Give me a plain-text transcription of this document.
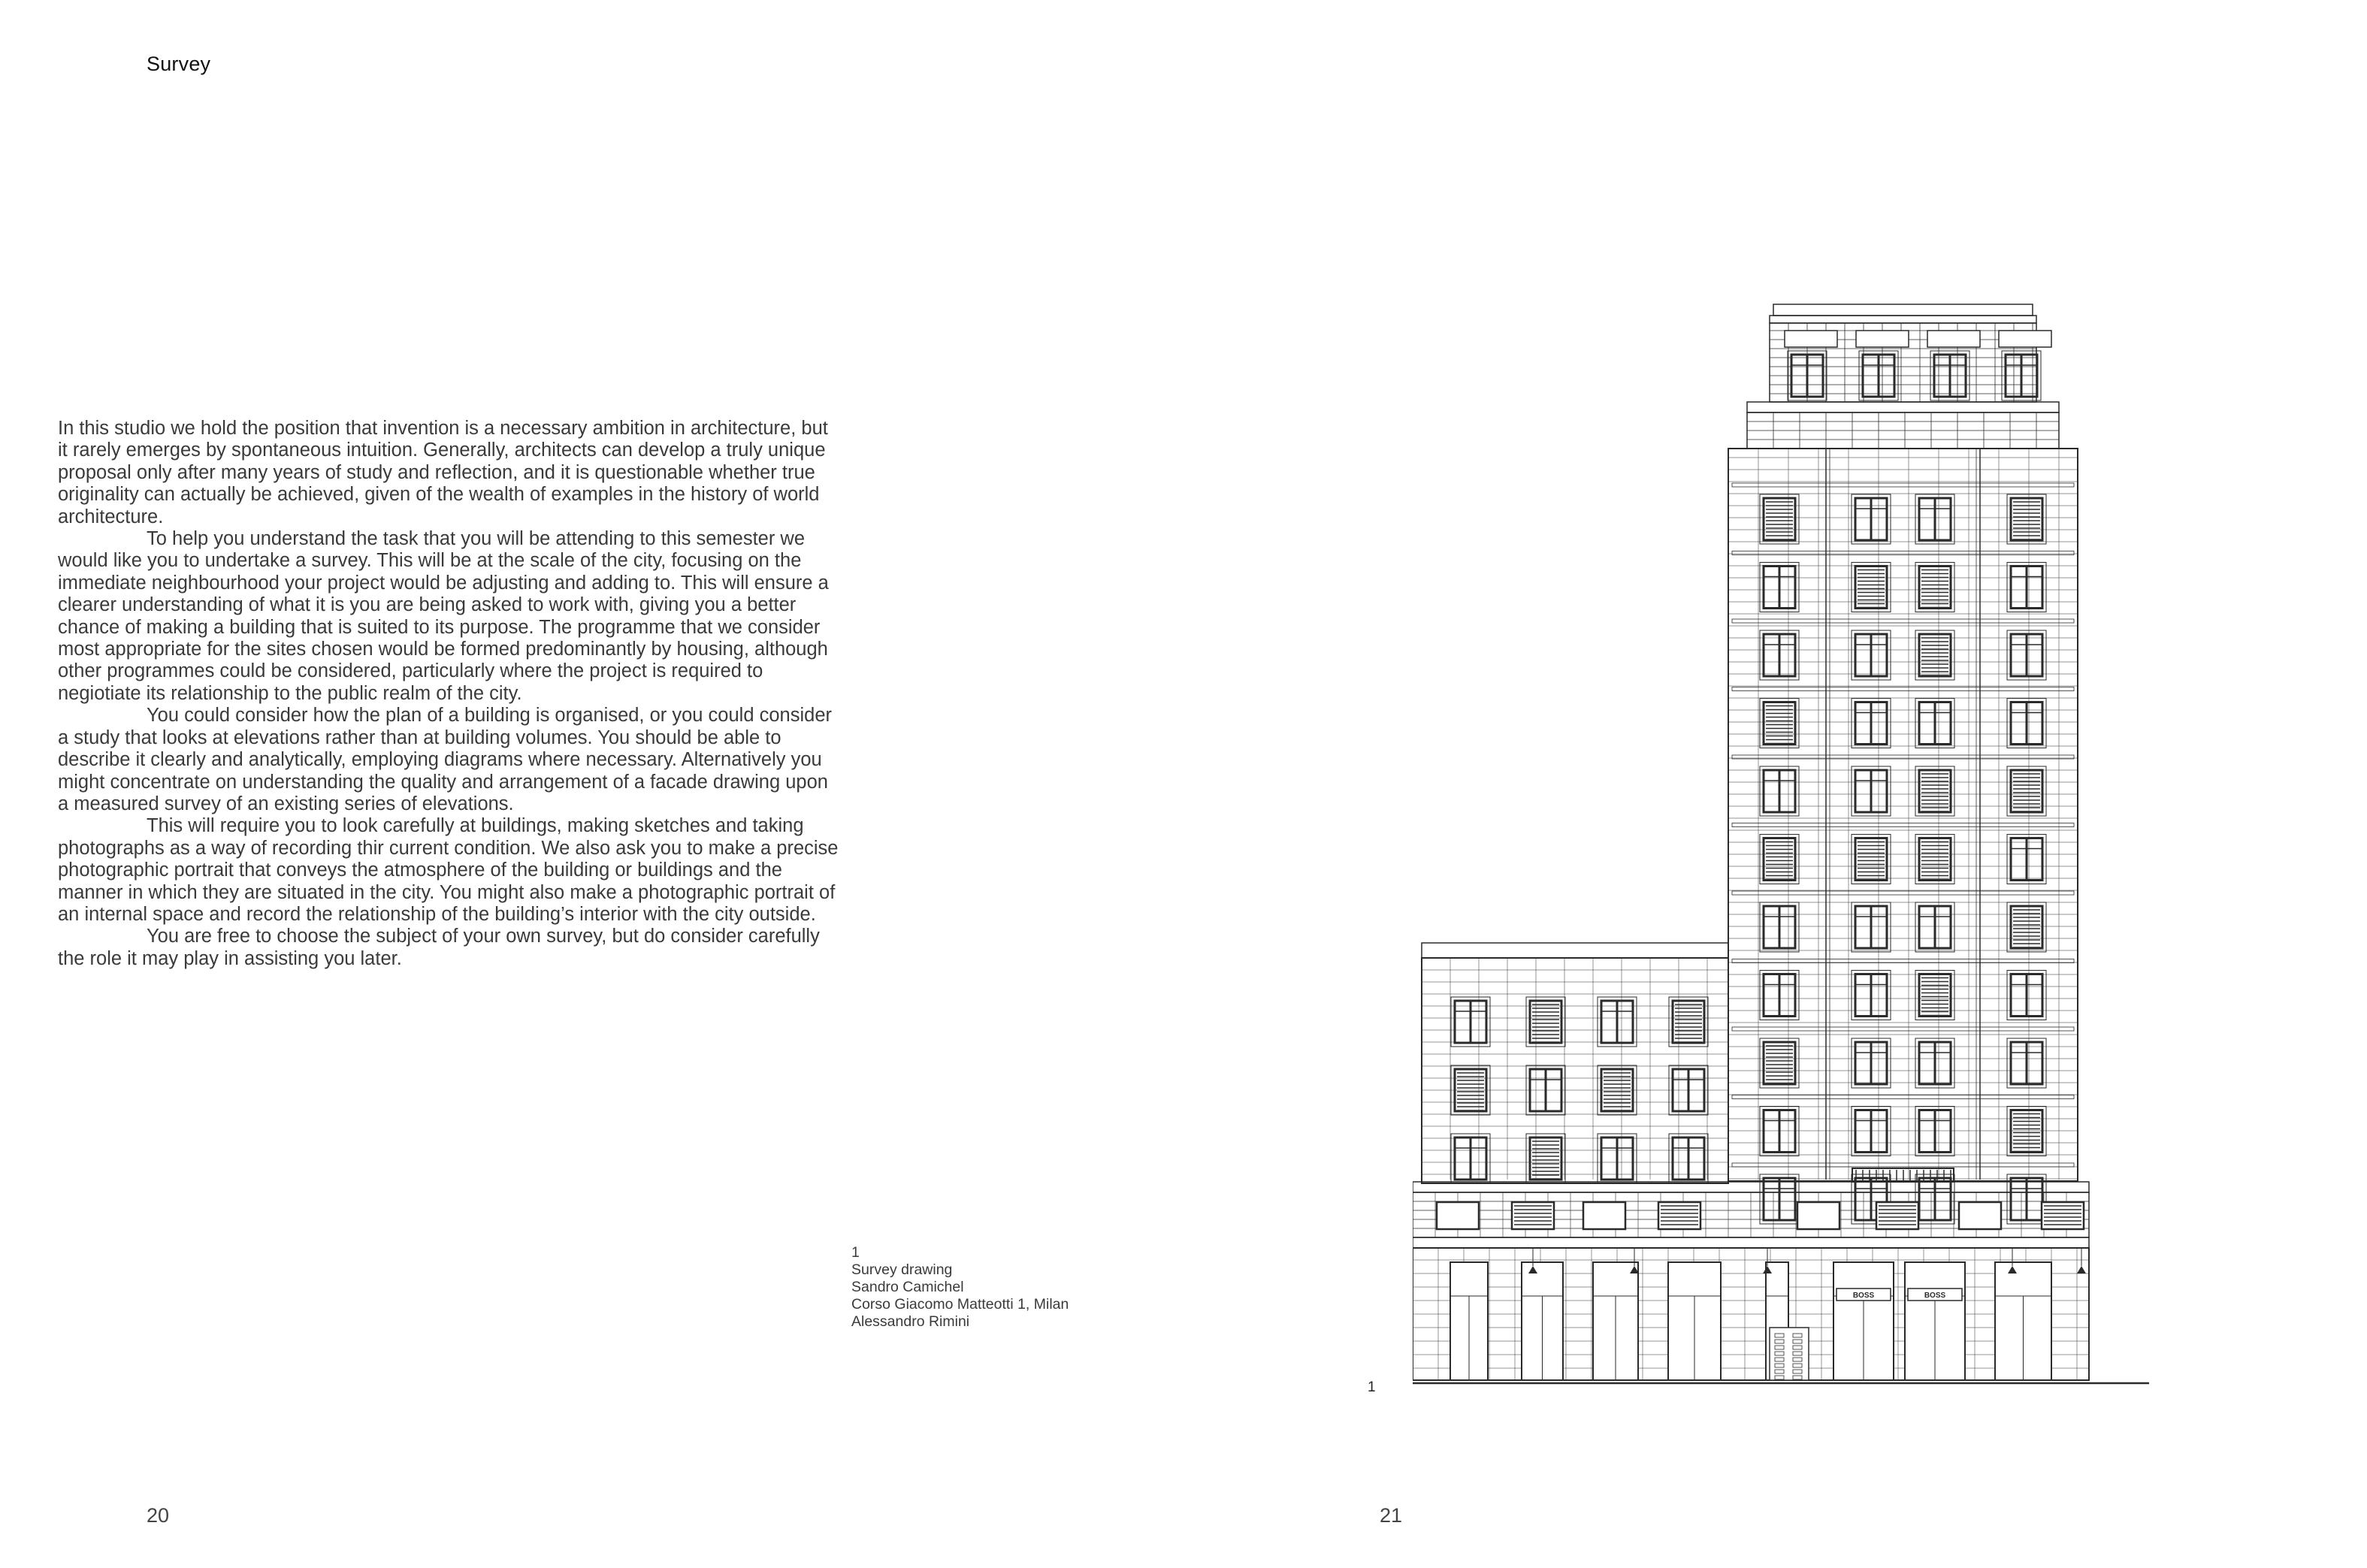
Survey

In this studio we hold the position that invention is a necessary ambition in architecture, but it rarely emerges by spontaneous intuition. Generally, architects can develop a truly unique proposal only after many years of study and reflection, and it is questionable whether true originality can actually be achieved, given of the wealth of examples in the history of world architecture.

To help you understand the task that you will be attending to this semester we would like you to undertake a survey. This will be at the scale of the city, focusing on the immediate neighbourhood your project would be adjusting and adding to. This will ensure a clearer understanding of what it is you are being asked to work with, giving you a better chance of making a building that is suited to its purpose. The programme that we consider most appropriate for the sites chosen would be formed predominantly by housing, although other programmes could be considered, particularly where the project is required to negiotiate its relationship to the public realm of the city.

You could consider how the plan of a building is organised, or you could consider a study that looks at elevations rather than at building volumes. You should be able to describe it clearly and analytically, employing diagrams where necessary. Alternatively you might concentrate on understanding the quality and arrangement of a facade drawing upon a measured survey of an existing series of elevations.

This will require you to look carefully at buildings, making sketches and taking photographs as a way of recording thir current condition. We also ask you to make a precise photographic portrait that conveys the atmosphere of the building or buildings and the manner in which they are situated in the city. You might also make a photographic portrait of an internal space and record the relationship of the building’s interior with the city outside.

You are free to choose the subject of your own survey, but do consider carefully the role it may play in assisting you later.

1
Survey drawing
Sandro Camichel
Corso Giacomo Matteotti 1, Milan
Alessandro Rimini
BOSS	BOSS
1
20	21
